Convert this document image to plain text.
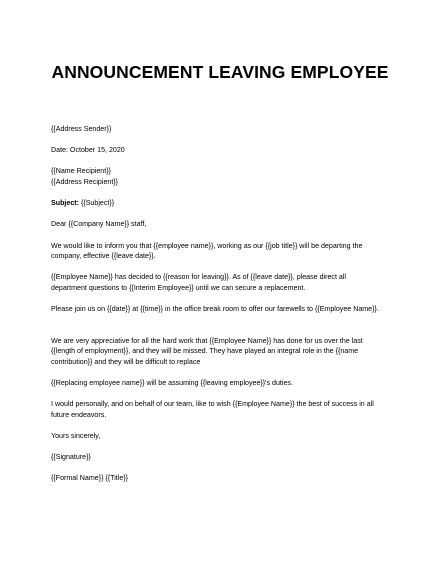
ANNOUNCEMENT LEAVING EMPLOYEE
{{Address Sender}}
Date: October 15, 2020
{{Name Recipient}}
{{Address Recipient}}
Subject: {{Subject}}
Dear {{Company Name}} staff,
We would like to inform you that {{employee name}}, working as our {{job title}} will be departing the
company, effective {{leave date}}.
{{Employee Name}} has decided to {{reason for leaving}}. As of {{leave date}}, please direct all
department questions to {{Interim Employee}} until we can secure a replacement.
Please join us on {{date}} at {{time}} in the office break room to offer our farewells to {{Employee Name}}.
We are very appreciative for all the hard work that {{Employee Name}} has done for us over the last
{{length of employment}}, and they will be missed. They have played an integral role in the {{name
contribution}} and they will be difficult to replace
{{Replacing employee name}} will be assuming {{leaving employee}}'s duties.
I would personally, and on behalf of our team, like to wish {{Employee Name}} the best of success in all
future endeavors.
Yours sincerely,
{{Signature}}
{{Formal Name}} {{Title}}
